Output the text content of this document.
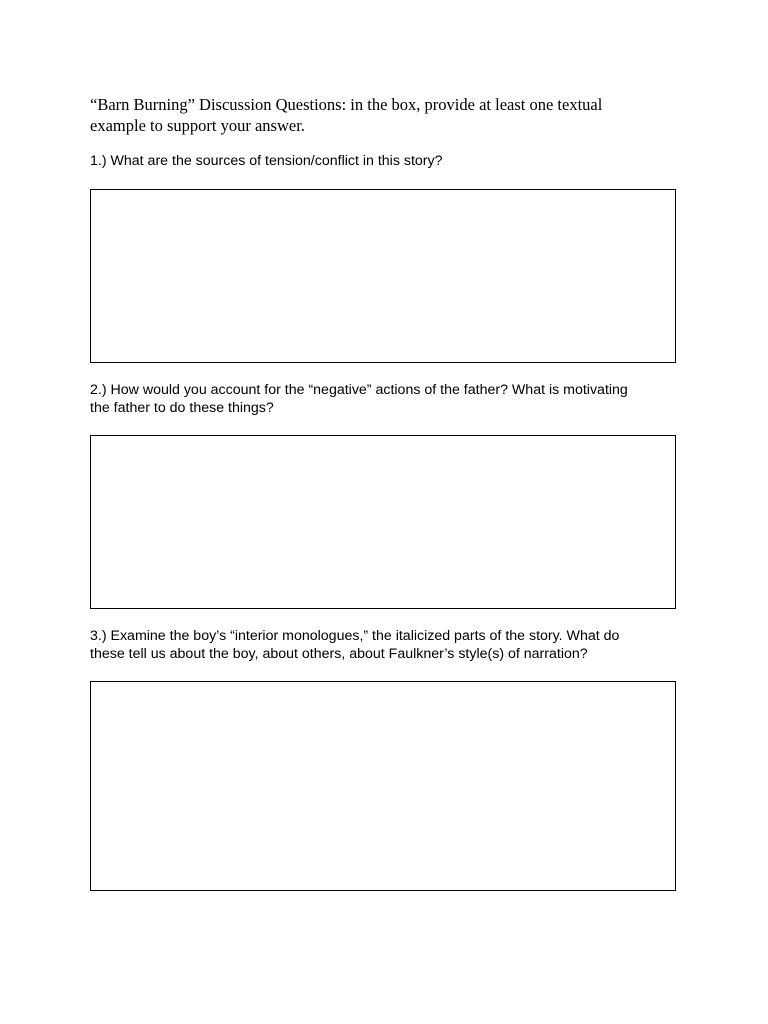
“Barn Burning” Discussion Questions: in the box, provide at least one textual
example to support your answer.

1.) What are the sources of tension/conflict in this story?

2.) How would you account for the “negative” actions of the father? What is motivating
the father to do these things?

3.) Examine the boy’s “interior monologues,” the italicized parts of the story. What do
these tell us about the boy, about others, about Faulkner’s style(s) of narration?
